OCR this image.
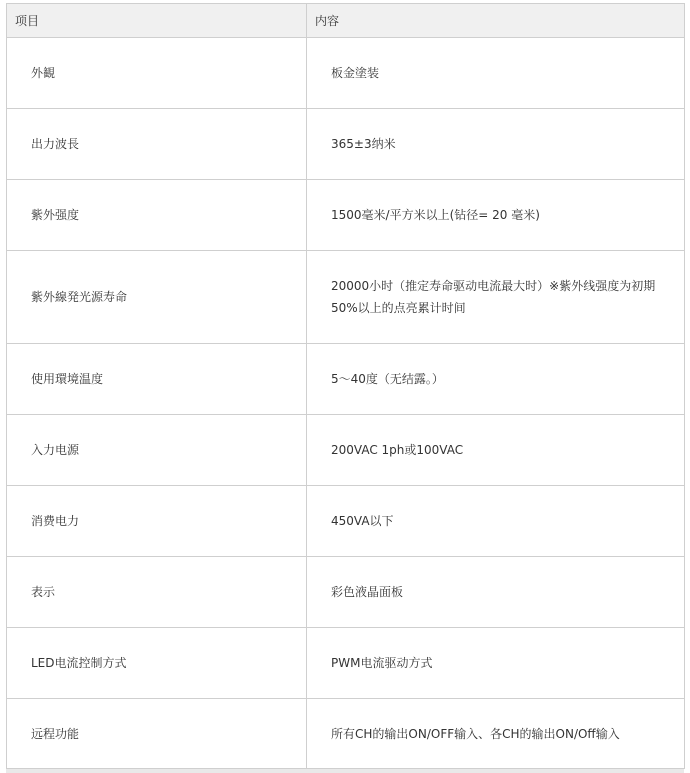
项目	内容
外観	板金塗装

出力波長	365±3纳米

紫外强度	1500毫米/平方米以上(钻径= 20 毫米)

紫外線発光源寿命	20000小时（推定寿命驱动电流最大时）※紫外线强度为初期
50%以上的点亮累计时间

使用環境温度	5～40度（无结露。）

入力电源	200VAC 1ph或100VAC

消费电力	450VA以下

表示	彩色液晶面板

LED电流控制方式	PWM电流驱动方式

远程功能	所有CH的输出ON/OFF输入、各CH的输出ON/Off输入
